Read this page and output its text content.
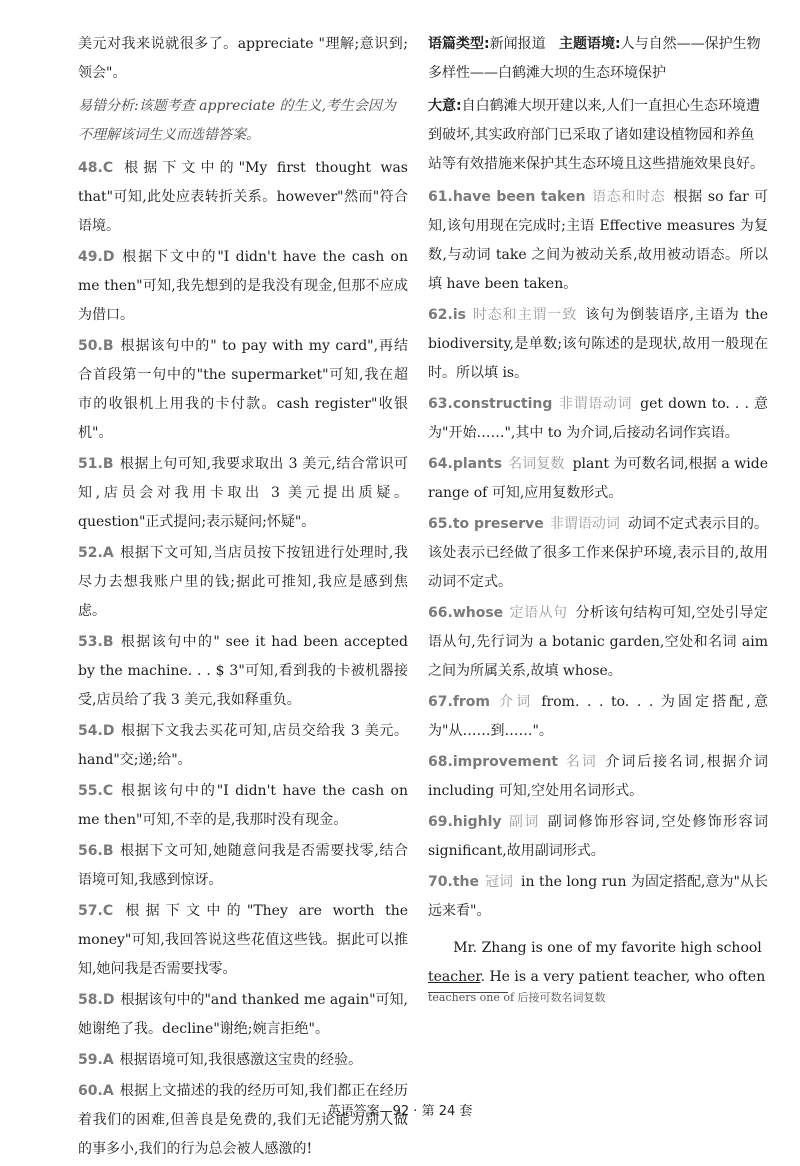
美元对我来说就很多了。appreciate "理解;意识到;领会"。
易错分析:该题考查 appreciate 的生义,考生会因为不理解该词生义而选错答案。
48.C 根据下文中的"My first thought was that"可知,此处应表转折关系。however"然而"符合语境。
49.D 根据下文中的"I didn't have the cash on me then"可知,我先想到的是我没有现金,但那不应成为借口。
50.B 根据该句中的" to pay with my card",再结合首段第一句中的"the supermarket"可知,我在超市的收银机上用我的卡付款。cash register"收银机"。
51.B 根据上句可知,我要求取出 3 美元,结合常识可知,店员会对我用卡取出 3 美元提出质疑。question"正式提问;表示疑问;怀疑"。
52.A 根据下文可知,当店员按下按钮进行处理时,我尽力去想我账户里的钱;据此可推知,我应是感到焦虑。
53.B 根据该句中的" see it had been accepted by the machine. . . $ 3"可知,看到我的卡被机器接受,店员给了我 3 美元,我如释重负。
54.D 根据下文我去买花可知,店员交给我 3 美元。hand"交;递;给"。
55.C 根据该句中的"I didn't have the cash on me then"可知,不幸的是,我那时没有现金。
56.B 根据下文可知,她随意问我是否需要找零,结合语境可知,我感到惊讶。
57.C 根据下文中的"They are worth the money"可知,我回答说这些花值这些钱。据此可以推知,她问我是否需要找零。
58.D 根据该句中的"and thanked me again"可知,她谢绝了我。decline"谢绝;婉言拒绝"。
59.A 根据语境可知,我很感激这宝贵的经验。
60.A 根据上文描述的我的经历可知,我们都正在经历着我们的困难,但善良是免费的,我们无论能为别人做的事多小,我们的行为总会被人感激的!
语篇类型:新闻报道 主题语境:人与自然——保护生物多样性——白鹤滩大坝的生态环境保护
大意:自白鹤滩大坝开建以来,人们一直担心生态环境遭到破坏,其实政府部门已采取了诸如建设植物园和养鱼站等有效措施来保护其生态环境且这些措施效果良好。
61.have been taken 语态和时态 根据 so far 可知,该句用现在完成时;主语 Effective measures 为复数,与动词 take 之间为被动关系,故用被动语态。所以填 have been taken。
62.is 时态和主谓一致 该句为倒装语序,主语为 the biodiversity,是单数;该句陈述的是现状,故用一般现在时。所以填 is。
63.constructing 非谓语动词 get down to. . . 意为"开始……",其中 to 为介词,后接动名词作宾语。
64.plants 名词复数 plant 为可数名词,根据 a wide range of 可知,应用复数形式。
65.to preserve 非谓语动词 动词不定式表示目的。该处表示已经做了很多工作来保护环境,表示目的,故用动词不定式。
66.whose 定语从句 分析该句结构可知,空处引导定语从句,先行词为 a botanic garden,空处和名词 aim 之间为所属关系,故填 whose。
67.from 介词 from. . . to. . . 为固定搭配,意为"从……到……"。
68.improvement 名词 介词后接名词,根据介词 including 可知,空处用名词形式。
69.highly 副词 副词修饰形容词,空处修饰形容词 significant,故用副词形式。
70.the 冠词 in the long run 为固定搭配,意为"从长远来看"。
Mr. Zhang is one of my favorite high school
teacher. He is a very patient teacher, who often
teachers one of 后接可数名词复数
英语答案—92 · 第 24 套
